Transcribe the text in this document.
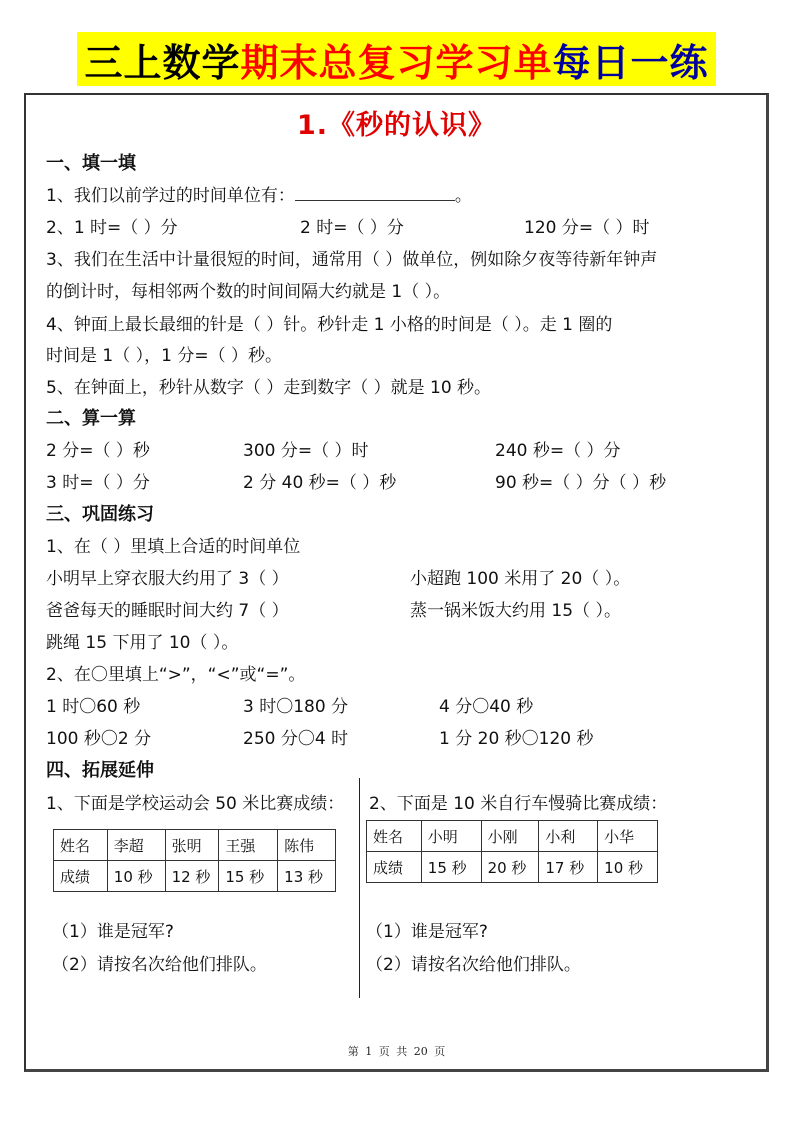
三上数学 期末总复习学习单 每日一练
1.《秒的认识》
一、填一填
1、我们以前学过的时间单位有：	。
2、1 时=（ ）分	2 时=（ ）分	120 分=（ ）时
3、我们在生活中计量很短的时间，通常用（ ）做单位，例如除夕夜等待新年钟声
的倒计时，每相邻两个数的时间间隔大约就是 1（ ）。
4、钟面上最长最细的针是（ ）针。秒针走 1 小格的时间是（ ）。走 1 圈的
时间是 1（ ），1 分=（ ）秒。
5、在钟面上，秒针从数字（ ）走到数字（ ）就是 10 秒。
二、算一算
2 分=（ ）秒	300 分=（ ）时	240 秒=（ ）分
3 时=（ ）分	2 分 40 秒=（ ）秒	90 秒=（ ）分（ ）秒
三、巩固练习
1、在（ ）里填上合适的时间单位
小明早上穿衣服大约用了 3（ ）	小超跑 100 米用了 20（ ）。
爸爸每天的睡眠时间大约 7（ ）	蒸一锅米饭大约用 15（ ）。
跳绳 15 下用了 10（ ）。
2、在〇里填上“>”，“<”或“=”。
1 时〇60 秒	3 时〇180 分	4 分〇40 秒
100 秒〇2 分	250 分〇4 时	1 分 20 秒〇120 秒
四、拓展延伸
1、下面是学校运动会 50 米比赛成绩：
姓名	李超	张明	王强	陈伟
成绩	10 秒	12 秒	15 秒	13 秒
（1）谁是冠军?
（2）请按名次给他们排队。
2、下面是 10 米自行车慢骑比赛成绩：
姓名	小明	小刚	小利	小华
成绩	15 秒	20 秒	17 秒	10 秒
（1）谁是冠军?
（2）请按名次给他们排队。
第 1 页 共 20 页
